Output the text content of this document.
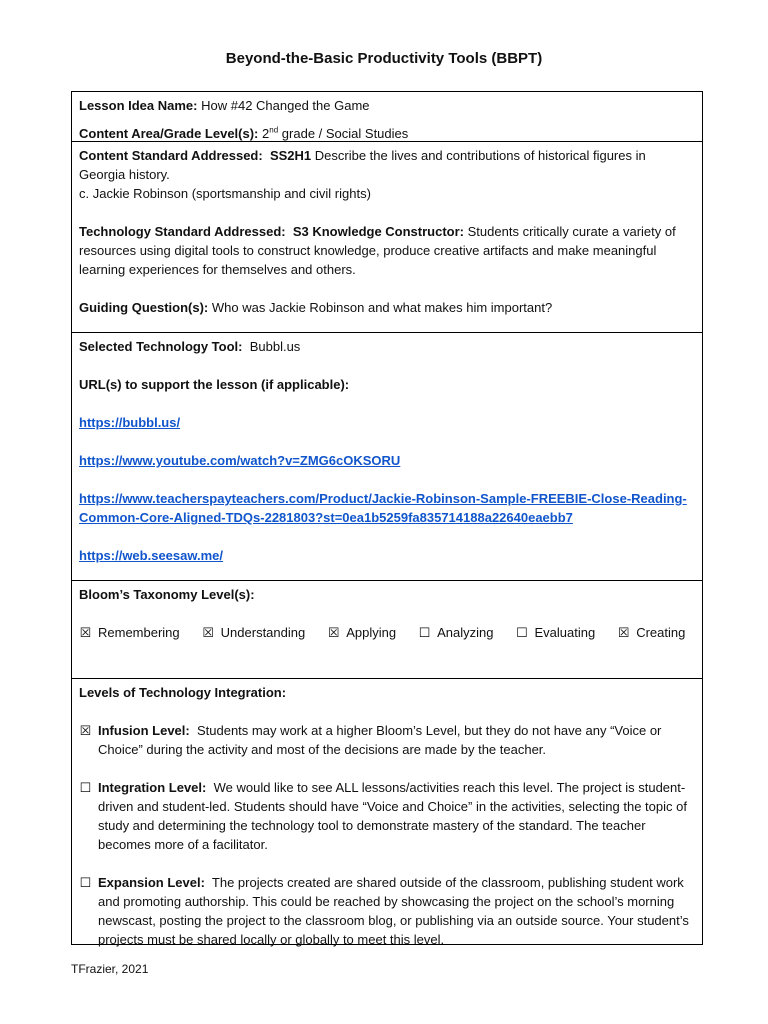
Beyond-the-Basic Productivity Tools (BBPT)

Lesson Idea Name: How #42 Changed the Game

Content Area/Grade Level(s): 2nd grade / Social Studies

Content Standard Addressed: SS2H1 Describe the lives and contributions of historical figures in Georgia history.

c. Jackie Robinson (sportsmanship and civil rights)

Technology Standard Addressed: S3 Knowledge Constructor: Students critically curate a variety of resources using digital tools to construct knowledge, produce creative artifacts and make meaningful learning experiences for themselves and others.

Guiding Question(s): Who was Jackie Robinson and what makes him important?

Selected Technology Tool: Bubbl.us

URL(s) to support the lesson (if applicable):

https://bubbl.us/

https://www.youtube.com/watch?v=ZMG6cOKSORU

https://www.teacherspayteachers.com/Product/Jackie-Robinson-Sample-FREEBIE-Close-Reading-Common-Core-Aligned-TDQs-2281803?st=0ea1b5259fa835714188a22640eaebb7

https://web.seesaw.me/

Bloom’s Taxonomy Level(s):

☒ Remembering ☒ Understanding ☒ Applying ☐ Analyzing ☐ Evaluating ☒ Creating

Levels of Technology Integration:

☒ Infusion Level: Students may work at a higher Bloom’s Level, but they do not have any “Voice or Choice” during the activity and most of the decisions are made by the teacher.
☐ Integration Level: We would like to see ALL lessons/activities reach this level. The project is student-driven and student-led. Students should have “Voice and Choice” in the activities, selecting the topic of study and determining the technology tool to demonstrate mastery of the standard. The teacher becomes more of a facilitator.
☐ Expansion Level: The projects created are shared outside of the classroom, publishing student work and promoting authorship. This could be reached by showcasing the project on the school’s morning newscast, posting the project to the classroom blog, or publishing via an outside source. Your student’s projects must be shared locally or globally to meet this level.
TFrazier, 2021
